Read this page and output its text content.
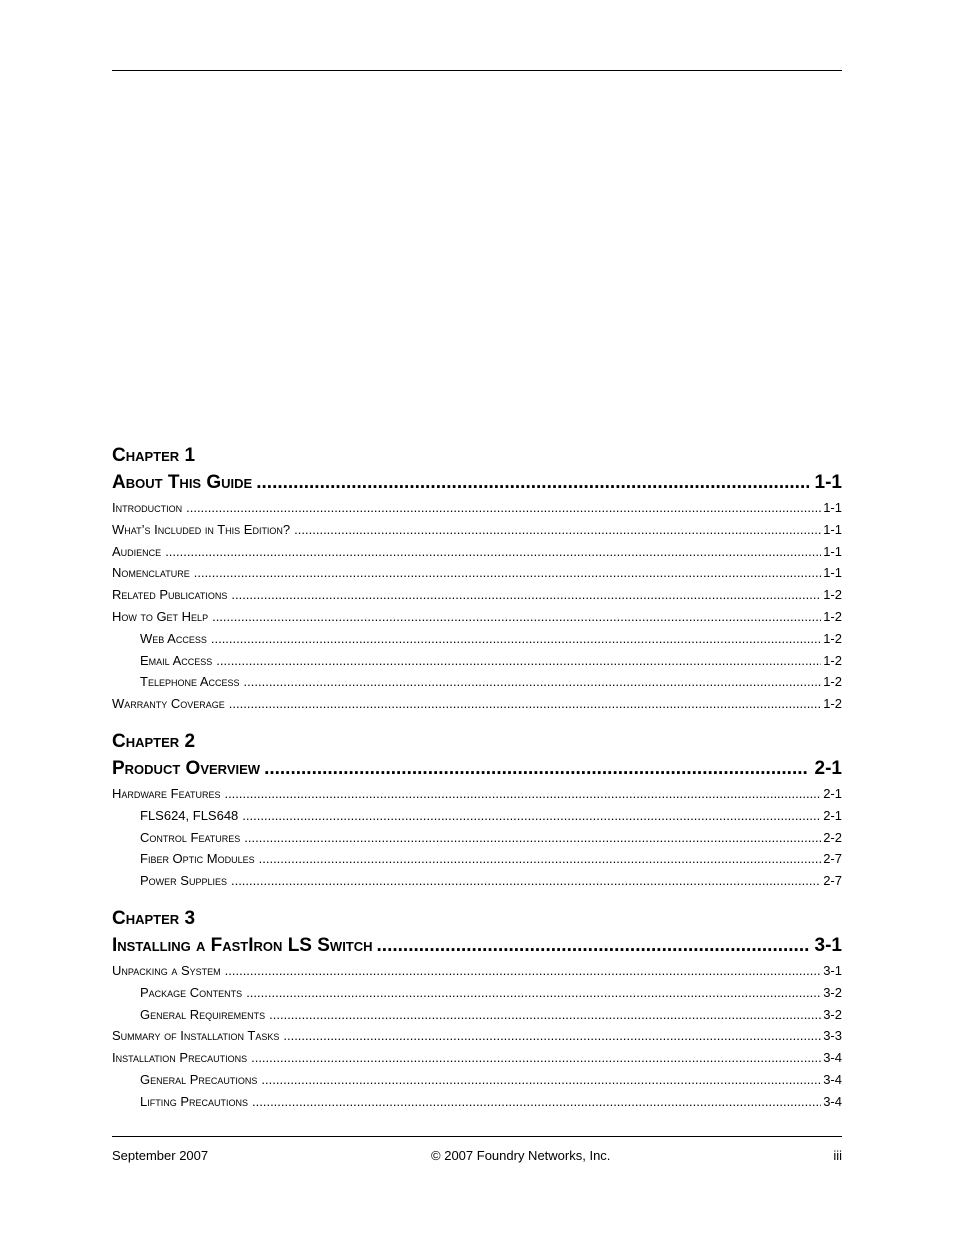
Chapter 1
About This Guide .....	1-1
Introduction .....	1-1
What’s Included in This Edition? .....	1-1
Audience .....	1-1
Nomenclature .....	1-1
Related Publications .....	1-2
How to Get Help .....	1-2
Web Access .....	1-2
Email Access .....	1-2
Telephone Access .....	1-2
Warranty Coverage .....	1-2
Chapter 2
Product Overview .....	2-1
Hardware Features .....	2-1
FLS624, FLS648 .....	2-1
Control Features .....	2-2
Fiber Optic Modules .....	2-7
Power Supplies .....	2-7
Chapter 3
Installing a FastIron LS Switch .....	3-1
Unpacking a System .....	3-1
Package Contents .....	3-2
General Requirements .....	3-2
Summary of Installation Tasks .....	3-3
Installation Precautions .....	3-4
General Precautions .....	3-4
Lifting Precautions .....	3-4
September 2007	© 2007 Foundry Networks, Inc.	iii
